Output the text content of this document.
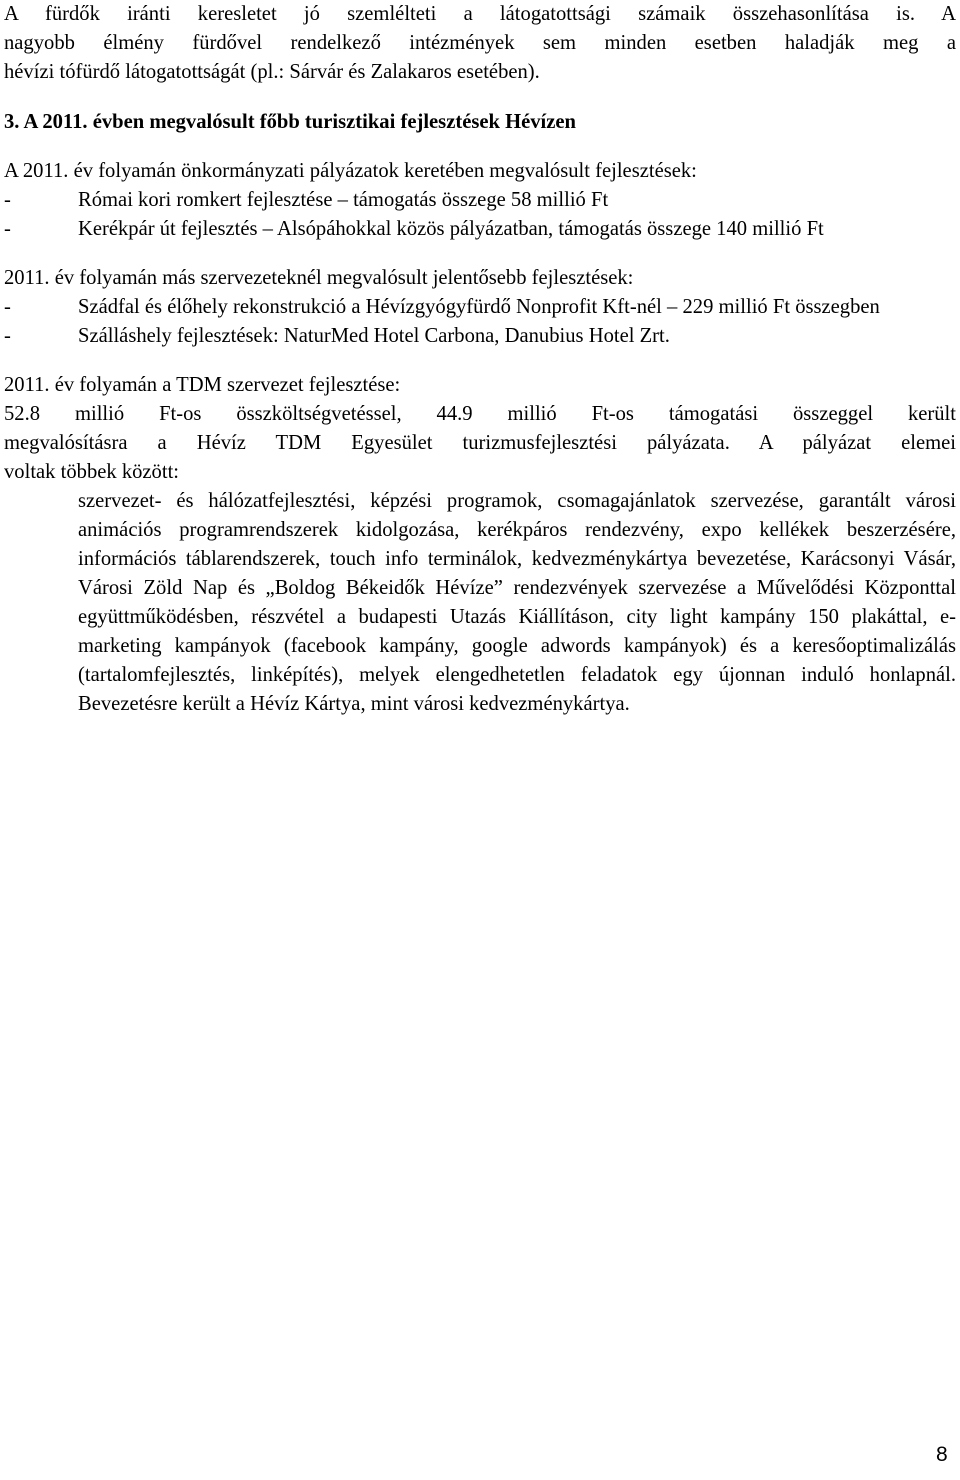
A fürdők iránti keresletet jó szemlélteti a látogatottsági számaik összehasonlítása is. A

nagyobb élmény fürdővel rendelkező intézmények sem minden esetben haladják meg a

hévízi tófürdő látogatottságát (pl.: Sárvár és Zalakaros esetében).

3. A 2011. évben megvalósult főbb turisztikai fejlesztések Hévízen

A 2011. év folyamán önkormányzati pályázatok keretében megvalósult fejlesztések:

-	Római kori romkert fejlesztése – támogatás összege 58 millió Ft
-	Kerékpár út fejlesztés – Alsópáhokkal közös pályázatban, támogatás összege 140 millió Ft

2011. év folyamán más szervezeteknél megvalósult jelentősebb fejlesztések:

-	Szádfal és élőhely rekonstrukció a Hévízgyógyfürdő Nonprofit Kft-nél – 229 millió Ft összegben
-	Szálláshely fejlesztések: NaturMed Hotel Carbona, Danubius Hotel Zrt.

2011. év folyamán a TDM szervezet fejlesztése:

52.8 millió Ft-os összköltségvetéssel, 44.9 millió Ft-os támogatási összeggel került

megvalósításra a Hévíz TDM Egyesület turizmusfejlesztési pályázata. A pályázat elemei

voltak többek között:

szervezet- és hálózatfejlesztési, képzési programok, csomagajánlatok szervezése, garantált városi animációs programrendszerek kidolgozása, kerékpáros rendezvény, expo kellékek beszerzésére, információs táblarendszerek, touch info terminálok, kedvezménykártya bevezetése, Karácsonyi Vásár, Városi Zöld Nap és „Boldog Békeidők Hévíze” rendezvények szervezése a Művelődési Központtal együttműködésben, részvétel a budapesti Utazás Kiállításon, city light kampány 150 plakáttal, e-marketing kampányok (facebook kampány, google adwords kampányok) és a keresőoptimalizálás (tartalomfejlesztés, linképítés), melyek elengedhetetlen feladatok egy újonnan induló honlapnál. Bevezetésre került a Hévíz Kártya, mint városi kedvezménykártya.

8
